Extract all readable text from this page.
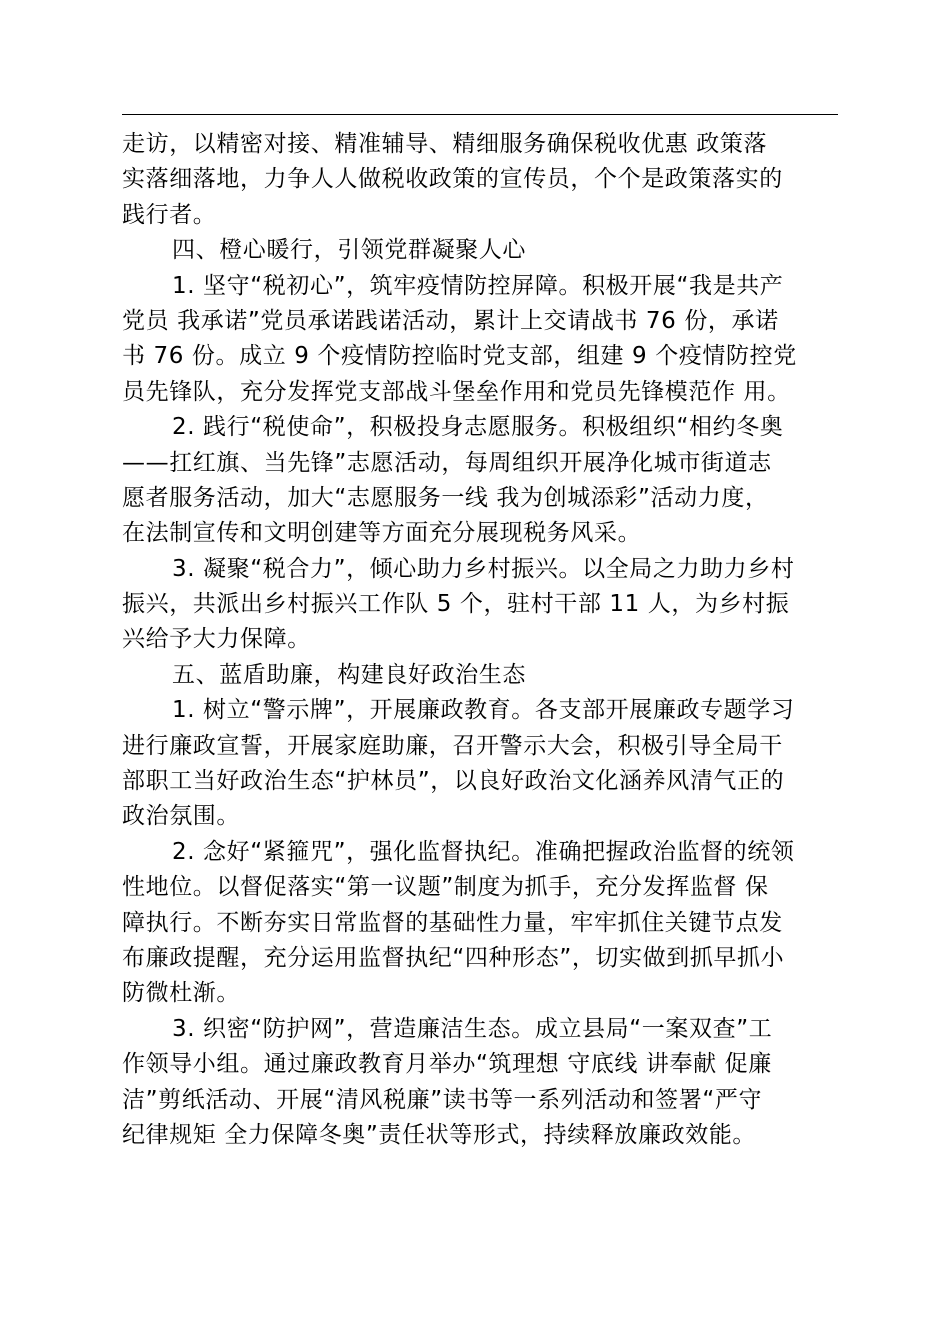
走访，以精密对接、精准辅导、精细服务确保税收优惠 政策落
实落细落地，力争人人做税收政策的宣传员，个个是政策落实的
践行者。
四、橙心暖行，引领党群凝聚人心
1. 坚守“税初心”，筑牢疫情防控屏障。积极开展“我是共产
党员 我承诺”党员承诺践诺活动，累计上交请战书 76 份，承诺
书 76 份。成立 9 个疫情防控临时党支部，组建 9 个疫情防控党
员先锋队，充分发挥党支部战斗堡垒作用和党员先锋模范作 用。
2. 践行“税使命”，积极投身志愿服务。积极组织“相约冬奥
——扛红旗、当先锋”志愿活动，每周组织开展净化城市街道志
愿者服务活动，加大“志愿服务一线 我为创城添彩”活动力度，
在法制宣传和文明创建等方面充分展现税务风采。
3. 凝聚“税合力”，倾心助力乡村振兴。以全局之力助力乡村
振兴，共派出乡村振兴工作队 5 个，驻村干部 11 人，为乡村振
兴给予大力保障。
五、蓝盾助廉，构建良好政治生态
1. 树立“警示牌”，开展廉政教育。各支部开展廉政专题学习
进行廉政宣誓，开展家庭助廉，召开警示大会，积极引导全局干
部职工当好政治生态“护林员”，以良好政治文化涵养风清气正的
政治氛围。
2. 念好“紧箍咒”，强化监督执纪。准确把握政治监督的统领
性地位。以督促落实“第一议题”制度为抓手，充分发挥监督 保
障执行。不断夯实日常监督的基础性力量，牢牢抓住关键节点发
布廉政提醒，充分运用监督执纪“四种形态”，切实做到抓早抓小
防微杜渐。
3. 织密“防护网”，营造廉洁生态。成立县局“一案双查”工
作领导小组。通过廉政教育月举办“筑理想 守底线 讲奉献 促廉
洁”剪纸活动、开展“清风税廉”读书等一系列活动和签署“严守
纪律规矩 全力保障冬奥”责任状等形式，持续释放廉政效能。
